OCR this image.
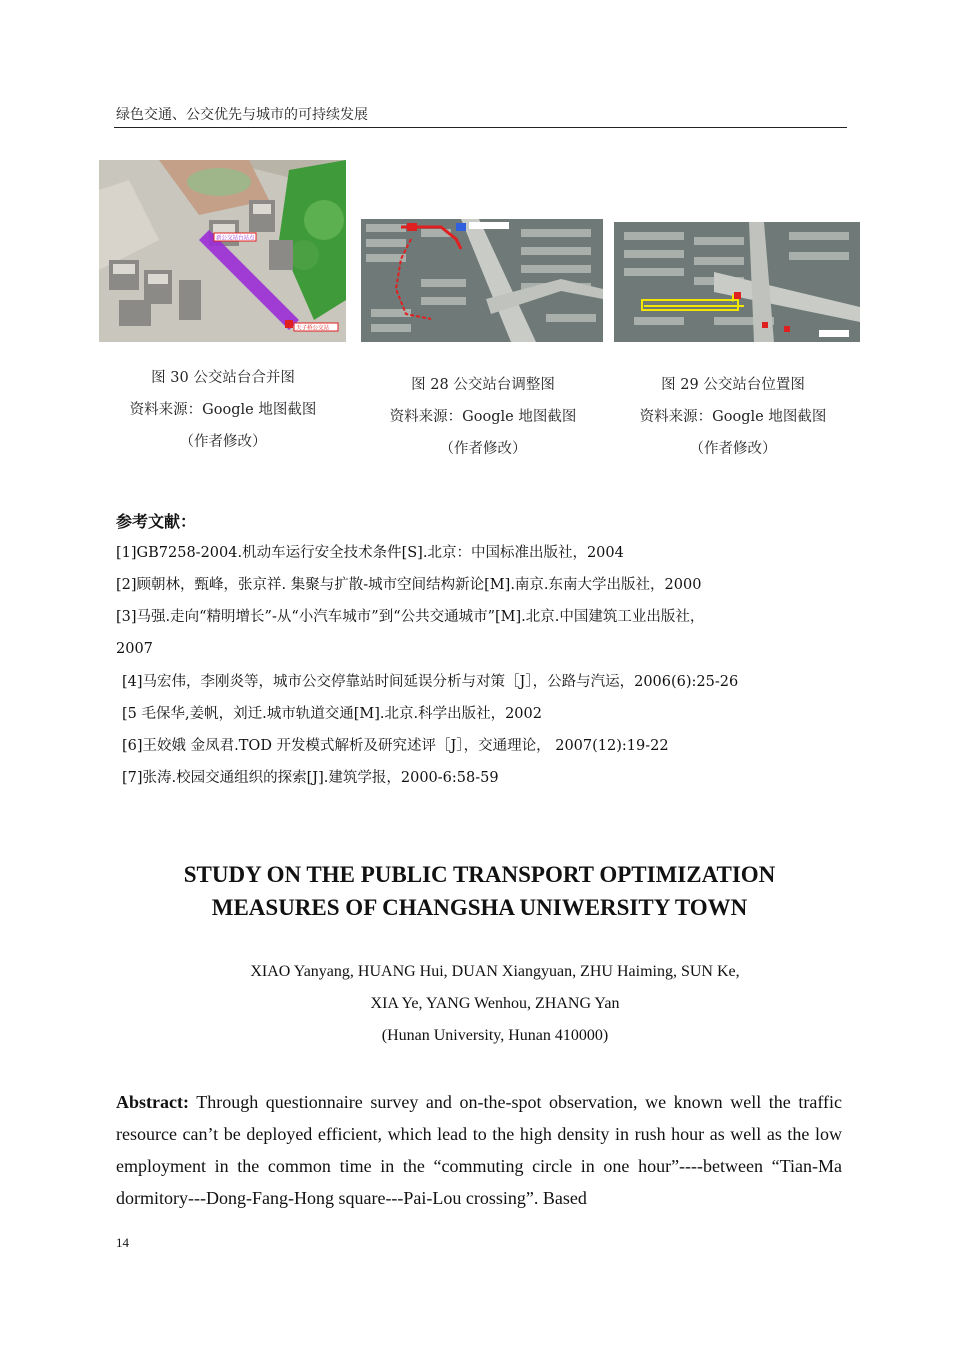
绿色交通、公交优先与城市的可持续发展
新公交站台站点
天子桥公交站
图 30 公交站台合并图
资料来源：Google 地图截图
（作者修改）
图 28 公交站台调整图
资料来源：Google 地图截图
（作者修改）
图 29 公交站台位置图
资料来源：Google 地图截图
（作者修改）
参考文献：
[1]GB7258-2004.机动车运行安全技术条件[S].北京：中国标准出版社，2004
[2]顾朝林，甄峰，张京祥. 集聚与扩散-城市空间结构新论[M].南京.东南大学出版社，2000
[3]马强.走向“精明增长”-从“小汽车城市”到“公共交通城市”[M].北京.中国建筑工业出版社，
2007
[4]马宏伟，李刚炎等，城市公交停靠站时间延误分析与对策［J］，公路与汽运，2006(6):25-26
[5 毛保华,姜帆，刘迁.城市轨道交通[M].北京.科学出版社，2002
[6]王姣娥 金凤君.TOD 开发模式解析及研究述评［J］，交通理论， 2007(12):19-22
[7]张涛.校园交通组织的探索[J].建筑学报，2000-6:58-59
STUDY ON THE PUBLIC TRANSPORT OPTIMIZATION
MEASURES OF CHANGSHA UNIWERSITY TOWN
XIAO Yanyang, HUANG Hui, DUAN Xiangyuan, ZHU Haiming, SUN Ke,
XIA Ye, YANG Wenhou, ZHANG Yan
(Hunan University, Hunan 410000)
Abstract: Through questionnaire survey and on-the-spot observation, we known well the traffic resource can’t be deployed efficient, which lead to the high density in rush hour as well as the low employment in the common time in the “commuting circle in one hour”----between “Tian-Ma dormitory---Dong-Fang-Hong square---Pai-Lou crossing”. Based
14
